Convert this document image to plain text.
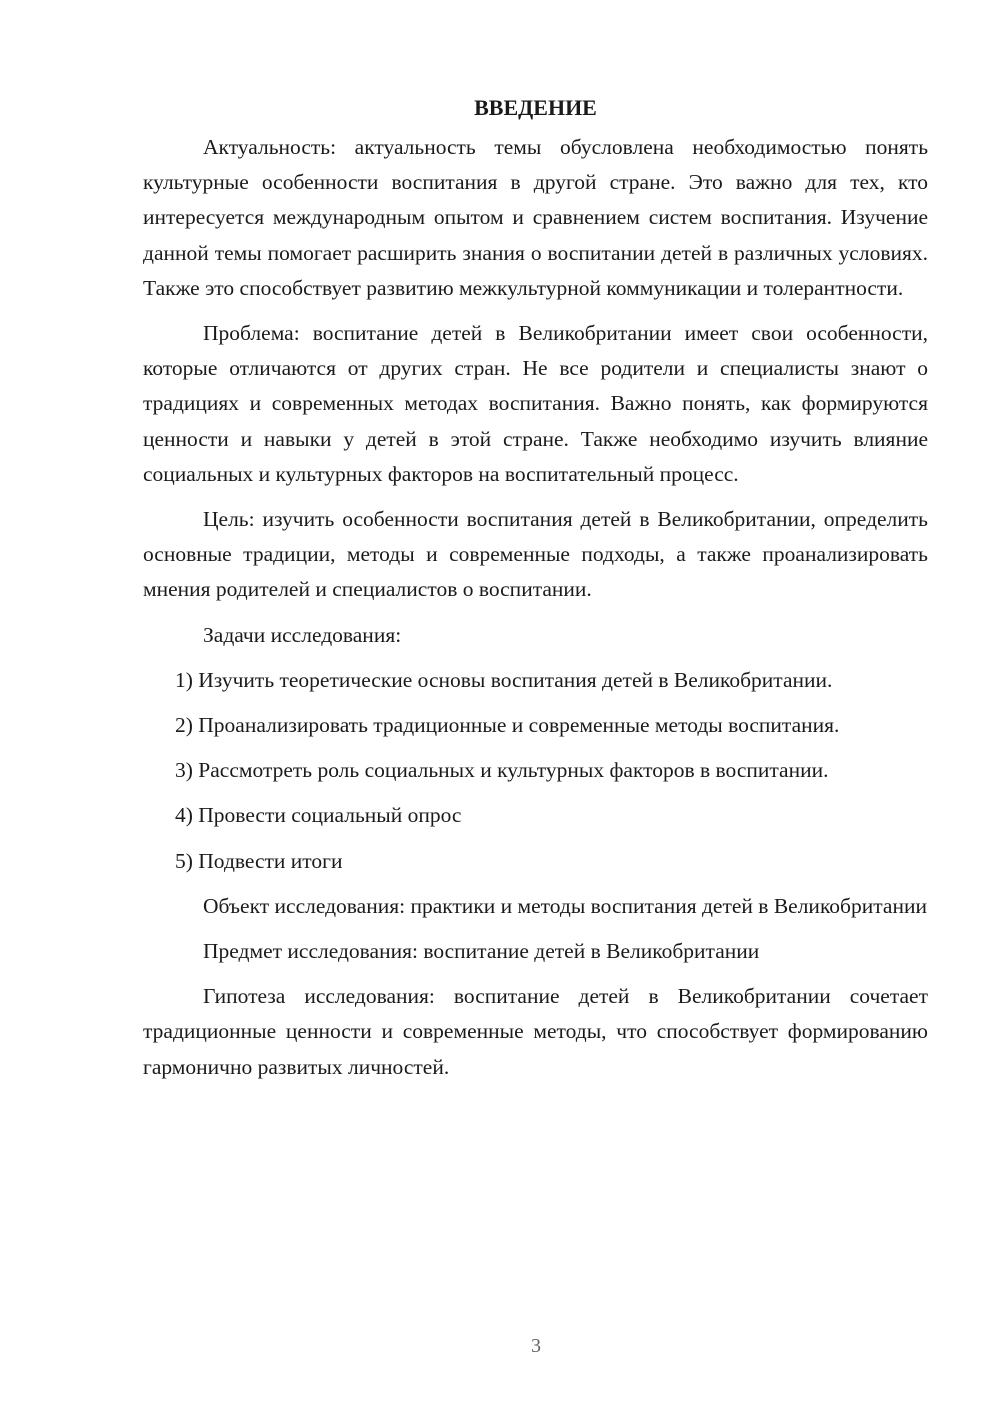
ВВЕДЕНИЕ

Актуальность: актуальность темы обусловлена необходимостью понять культурные особенности воспитания в другой стране. Это важно для тех, кто интересуется международным опытом и сравнением систем воспитания. Изучение данной темы помогает расширить знания о воспитании детей в различных условиях. Также это способствует развитию межкультурной коммуникации и толерантности.

Проблема: воспитание детей в Великобритании имеет свои особенности, которые отличаются от других стран. Не все родители и специалисты знают о традициях и современных методах воспитания. Важно понять, как формируются ценности и навыки у детей в этой стране. Также необходимо изучить влияние социальных и культурных факторов на воспитательный процесс.

Цель: изучить особенности воспитания детей в Великобритании, определить основные традиции, методы и современные подходы, а также проанализировать мнения родителей и специалистов о воспитании.

Задачи исследования:

1) Изучить теоретические основы воспитания детей в Великобритании.

2) Проанализировать традиционные и современные методы воспитания.

3) Рассмотреть роль социальных и культурных факторов в воспитании.

4) Провести социальный опрос

5) Подвести итоги

Объект исследования: практики и методы воспитания детей в Великобритании

Предмет исследования: воспитание детей в Великобритании

Гипотеза исследования: воспитание детей в Великобритании сочетает традиционные ценности и современные методы, что способствует формированию гармонично развитых личностей.

3
